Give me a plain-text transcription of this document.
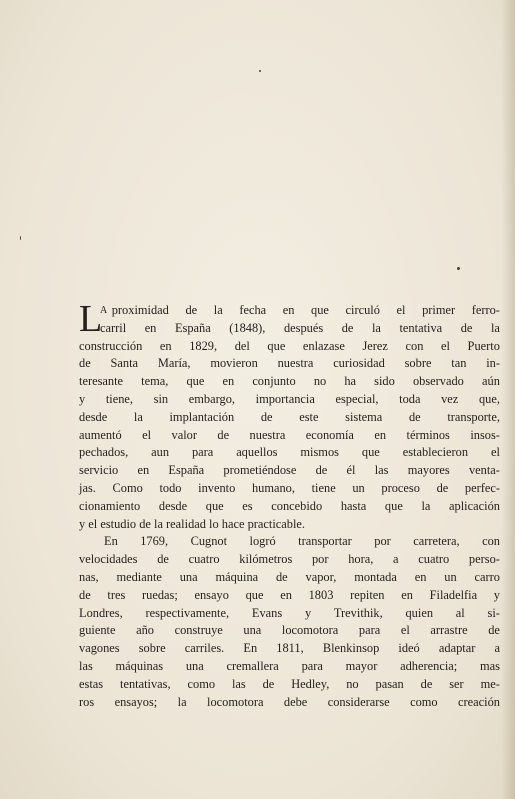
L
A proximidad de la fecha en que circuló el primer ferro-
carril en España (1848), después de la tentativa de la
construcción en 1829, del que enlazase Jerez con el Puerto
de Santa María, movieron nuestra curiosidad sobre tan in-
teresante tema, que en conjunto no ha sido observado aún
y tiene, sin embargo, importancia especial, toda vez que,
desde la implantación de este sistema de transporte,
aumentó el valor de nuestra economía en términos insos-
pechados, aun para aquellos mismos que establecieron el
servicio en España prometiéndose de él las mayores venta-
jas. Como todo invento humano, tiene un proceso de perfec-
cionamiento desde que es concebido hasta que la aplicación
y el estudio de la realidad lo hace practicable.
En 1769, Cugnot logró transportar por carretera, con
velocidades de cuatro kilómetros por hora, a cuatro perso-
nas, mediante una máquina de vapor, montada en un carro
de tres ruedas; ensayo que en 1803 repiten en Filadelfia y
Londres, respectivamente, Evans y Trevithik, quien al si-
guiente año construye una locomotora para el arrastre de
vagones sobre carriles. En 1811, Blenkinsop ideó adaptar a
las máquinas una cremallera para mayor adherencia; mas
estas tentativas, como las de Hedley, no pasan de ser me-
ros ensayos; la locomotora debe considerarse como creación
